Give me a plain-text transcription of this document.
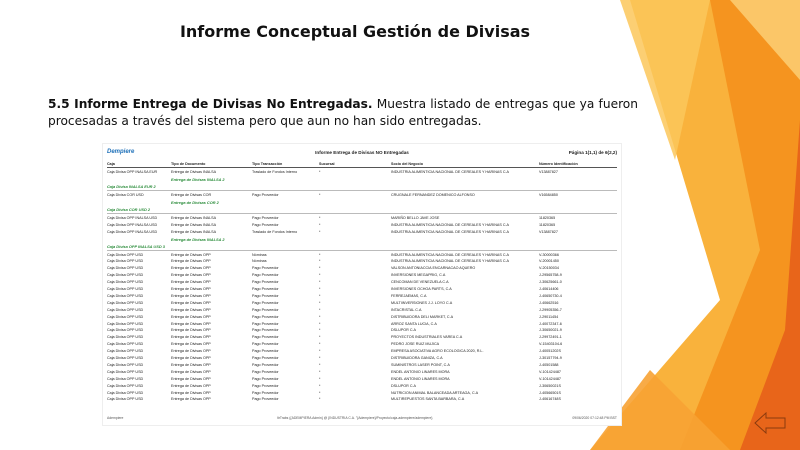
Informe Conceptual Gestión de Divisas
5.5 Informe Entrega de Divisas No Entregadas. Muestra listado de entregas que ya fueron procesadas a través del sistema pero que aun no han sido entregadas.
Dempiere	Informe Entrega de Divisas NO Entregadas	Página 1(1,1) de 6(2,2)
Caja	Tipo de Documento	Tipo Transacción	Sucursal	Socio del Negocio	Número Identificación
Caja Divisa OPP INALSA EUR	Entrega de Divisas INALSA	Traslado de Fondos Interno	*	INDUSTRIA ALIMENTICIA NACIONAL DE CEREALES Y HARINAS C.A	V13887827
Entrega de Divisas INALSA 2
Caja Divisa INALSA EUR 2
Caja Divisa COR USD	Entrega de Divisas COR	Pago Proveedor	*	CRUGNALE FERNANDEZ DOMENICO ALFONSO	V16584850
Entrega de Divisas COR 2
Caja Divisa COR USD 2
Caja Divisa OPP INALSA USD	Entrega de Divisas INALSA	Pago Proveedor	*	MARIÑO BELLO JAVE JOSE	11820365
Caja Divisa OPP INALSA USD	Entrega de Divisas INALSA	Pago Proveedor	*	INDUSTRIA ALIMENTICIA NACIONAL DE CEREALES Y HARINAS C.A	11820365
Caja Divisa OPP INALSA USD	Entrega de Divisas INALSA	Traslado de Fondos Interno	*	INDUSTRIA ALIMENTICIA NACIONAL DE CEREALES Y HARINAS C.A	V13887827
Entrega de Divisas INALSA 2
Caja Divisa OPP INALSA USD 3
Caja Divisa OPP USD	Entrega de Divisas OPP	Nóminas	*	INDUSTRIA ALIMENTICIA NACIONAL DE CEREALES Y HARINAS C.A	V-30000366
Caja Divisa OPP USD	Entrega de Divisas OPP	Nóminas	*	INDUSTRIA ALIMENTICIA NACIONAL DE CEREALES Y HARINAS C.A	V-20001450
Caja Divisa OPP USD	Entrega de Divisas OPP	Pago Proveedor	*	VALSON ANTONIACCIA ENCARNACAO AQUERO	V-20150034
Caja Divisa OPP USD	Entrega de Divisas OPP	Pago Proveedor	*	INVERSIONES MEGAPRIG, C.A	J-29565758-9
Caja Divisa OPP USD	Entrega de Divisas OPP	Pago Proveedor	*	CENCOMAN DE VENEZUELA C.A	J-30625661-0
Caja Divisa OPP USD	Entrega de Divisas OPP	Pago Proveedor	*	INVERSIONES OCHOA PARTS, C.A	J-40614406
Caja Divisa OPP USD	Entrega de Divisas OPP	Pago Proveedor	*	FERREJAEMAS, C.A	J-40650730-4
Caja Divisa OPP USD	Entrega de Divisas OPP	Pago Proveedor	*	MULTIINVERSIONES J.J. LOYO C.A	J-40662516
Caja Divisa OPP USD	Entrega de Divisas OPP	Pago Proveedor	*	INTACRISTAL C.A	J-29905356-7
Caja Divisa OPP USD	Entrega de Divisas OPP	Pago Proveedor	*	DISTRIBUIDORA DELI MARKET, C.A	J-29011454
Caja Divisa OPP USD	Entrega de Divisas OPP	Pago Proveedor	*	ARROZ SANTA LUCIA, C.A	J-40072347-6
Caja Divisa OPP USD	Entrega de Divisas OPP	Pago Proveedor	*	DSLUPOR C.A	J-30650021-9
Caja Divisa OPP USD	Entrega de Divisas OPP	Pago Proveedor	*	PROYECTOS INDUSTRIALES VAREA C.A	J-29972491-1
Caja Divisa OPP USD	Entrega de Divisas OPP	Pago Proveedor	*	PEDRO JOSE RUIZ MUJICA	V-15403104-6
Caja Divisa OPP USD	Entrega de Divisas OPP	Pago Proveedor	*	EMPRESA ASOCIATIVA AGRO ECOLOGICA 2020, R.L.	J-40051202S
Caja Divisa OPP USD	Entrega de Divisas OPP	Pago Proveedor	*	DISTRIBUIDORA GANIZA, C.A	J-30157794-9
Caja Divisa OPP USD	Entrega de Divisas OPP	Pago Proveedor	*	SUMINISTROS LASER POINT, C.A	J-40501588
Caja Divisa OPP USD	Entrega de Divisas OPP	Pago Proveedor	*	ENDEL ANTONIO LINARES MORA	V-101424487
Caja Divisa OPP USD	Entrega de Divisas OPP	Pago Proveedor	*	ENDEL ANTONIO LINARES MORA	V-101424487
Caja Divisa OPP USD	Entrega de Divisas OPP	Pago Proveedor	*	DSLUPOR C.A	J-30650021S
Caja Divisa OPP USD	Entrega de Divisas OPP	Pago Proveedor	*	NUTRICION ANIMAL BALANCEADA ARTEAGA, C.A	J-40566501S
Caja Divisa OPP USD	Entrega de Divisas OPP	Pago Proveedor	*	MULTIREPUESTOS SANTA BARBARA, C.A	J-40616748S
Adempiere	ltrTrabs ({ADEMPIERA Admin} @ {INDUSTRIA C.A. "{Adempiere}/Proyecto/caja-adempiere/adempiere}	09/06/2020 07:12:48 PM BST
